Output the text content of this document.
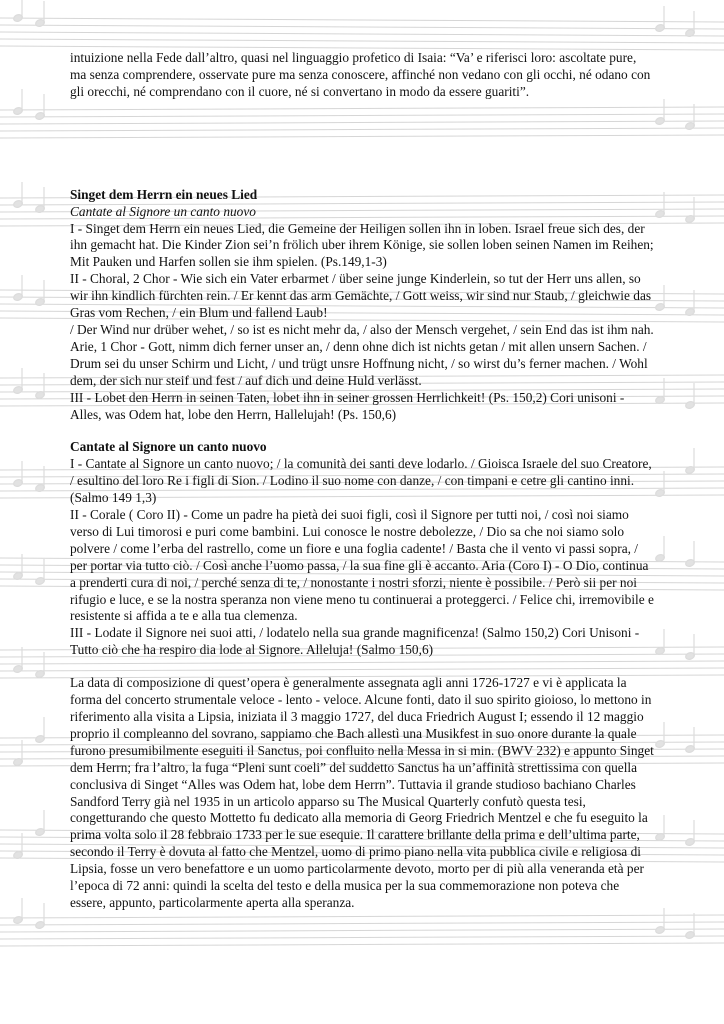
intuizione nella Fede dall’altro, quasi nel linguaggio profetico di Isaia: “Va’ e riferisci loro: ascoltate pure, ma senza comprendere, osservate pure ma senza conoscere, affinché non vedano con gli occhi, né odano con gli orecchi, né comprendano con il cuore, né si convertano in modo da essere guariti”.

Singet dem Herrn ein neues Lied

Cantate al Signore un canto nuovo

I - Singet dem Herrn ein neues Lied, die Gemeine der Heiligen sollen ihn in loben. Israel freue sich des, der ihn gemacht hat. Die Kinder Zion sei’n frölich uber ihrem Könige, sie sollen loben seinen Namen im Reihen; Mit Pauken und Harfen sollen sie ihm spielen. (Ps.149,1-3)

II - Choral, 2 Chor - Wie sich ein Vater erbarmet / über seine junge Kinderlein, so tut der Herr uns allen, so wir ihn kindlich fürchten rein. / Er kennt das arm Gemächte, / Gott weiss, wir sind nur Staub, / gleichwie das Gras vom Rechen, / ein Blum und fallend Laub!

/ Der Wind nur drüber wehet, / so ist es nicht mehr da, / also der Mensch vergehet, / sein End das ist ihm nah. Arie, 1 Chor - Gott, nimm dich ferner unser an, / denn ohne dich ist nichts getan / mit allen unsern Sachen. / Drum sei du unser Schirm und Licht, / und trügt unsre Hoffnung nicht, / so wirst du’s ferner machen. / Wohl dem, der sich nur steif und fest / auf dich und deine Huld verlässt.

III - Lobet den Herrn in seinen Taten, lobet ihn in seiner grossen Herrlichkeit! (Ps. 150,2) Cori unisoni - Alles, was Odem hat, lobe den Herrn, Hallelujah! (Ps. 150,6)

Cantate al Signore un canto nuovo

I - Cantate al Signore un canto nuovo; / la comunità dei santi deve lodarlo. / Gioisca Israele del suo Creatore, / esultino del loro Re i figli di Sion. / Lodino il suo nome con danze, / con timpani e cetre gli cantino inni. (Salmo 149 1,3)

II - Corale ( Coro II) - Come un padre ha pietà dei suoi figli, così il Signore per tutti noi, / così noi siamo verso di Lui timorosi e puri come bambini. Lui conosce le nostre debolezze, / Dio sa che noi siamo solo polvere / come l’erba del rastrello, come un fiore e una foglia cadente! / Basta che il vento vi passi sopra, / per portar via tutto ciò. / Così anche l’uomo passa, / la sua fine gli è accanto. Aria (Coro I) - O Dio, continua a prenderti cura di noi, / perché senza di te, / nonostante i nostri sforzi, niente è possibile. / Però sii per noi rifugio e luce, e se la nostra speranza non viene meno tu continuerai a proteggerci. / Felice chi, irremovibile e resistente si affida a te e alla tua clemenza.

III - Lodate il Signore nei suoi atti, / lodatelo nella sua grande magnificenza! (Salmo 150,2) Cori Unisoni - Tutto ciò che ha respiro dia lode al Signore. Alleluja! (Salmo 150,6)

La data di composizione di quest’opera è generalmente assegnata agli anni 1726-1727 e vi è applicata la forma del concerto strumentale veloce - lento - veloce. Alcune fonti, dato il suo spirito gioioso, lo mettono in riferimento alla visita a Lipsia, iniziata il 3 maggio 1727, del duca Friedrich August I; essendo il 12 maggio proprio il compleanno del sovrano, sappiamo che Bach allestì una Musikfest in suo onore durante la quale furono presumibilmente eseguiti il Sanctus, poi confluito nella Messa in si min. (BWV 232) e appunto Singet dem Herrn; fra l’altro, la fuga “Pleni sunt coeli” del suddetto Sanctus ha un’affinità strettissima con quella conclusiva di Singet “Alles was Odem hat, lobe dem Herrn”. Tuttavia il grande studioso bachiano Charles Sandford Terry già nel 1935 in un articolo apparso su The Musical Quarterly confutò questa tesi, congetturando che questo Mottetto fu dedicato alla memoria di Georg Friedrich Mentzel e che fu eseguito la prima volta solo il 28 febbraio 1733 per le sue esequie. Il carattere brillante della prima e dell’ultima parte, secondo il Terry è dovuta al fatto che Mentzel, uomo di primo piano nella vita pubblica civile e religiosa di Lipsia, fosse un vero benefattore e un uomo particolarmente devoto, morto per di più alla veneranda età per l’epoca di 72 anni: quindi la scelta del testo e della musica per la sua commemorazione non poteva che essere, appunto, particolarmente aperta alla speranza.
